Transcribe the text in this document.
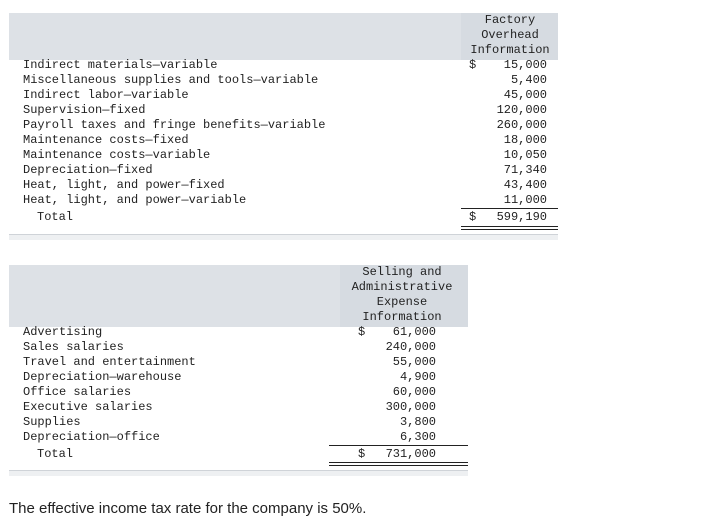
Factory
Overhead
Information
Indirect materials—variable	$ 15,000
Miscellaneous supplies and tools—variable	5,400
Indirect labor—variable	45,000
Supervision—fixed	120,000
Payroll taxes and fringe benefits—variable	260,000
Maintenance costs—fixed	18,000
Maintenance costs—variable	10,050
Depreciation—fixed	71,340
Heat, light, and power—fixed	43,400
Heat, light, and power—variable	11,000
Total	$ 599,190
Selling and
Administrative
Expense
Information
Advertising	$ 61,000
Sales salaries	240,000
Travel and entertainment	55,000
Depreciation—warehouse	4,900
Office salaries	60,000
Executive salaries	300,000
Supplies	3,800
Depreciation—office	6,300
Total	$ 731,000
The effective income tax rate for the company is 50%.
